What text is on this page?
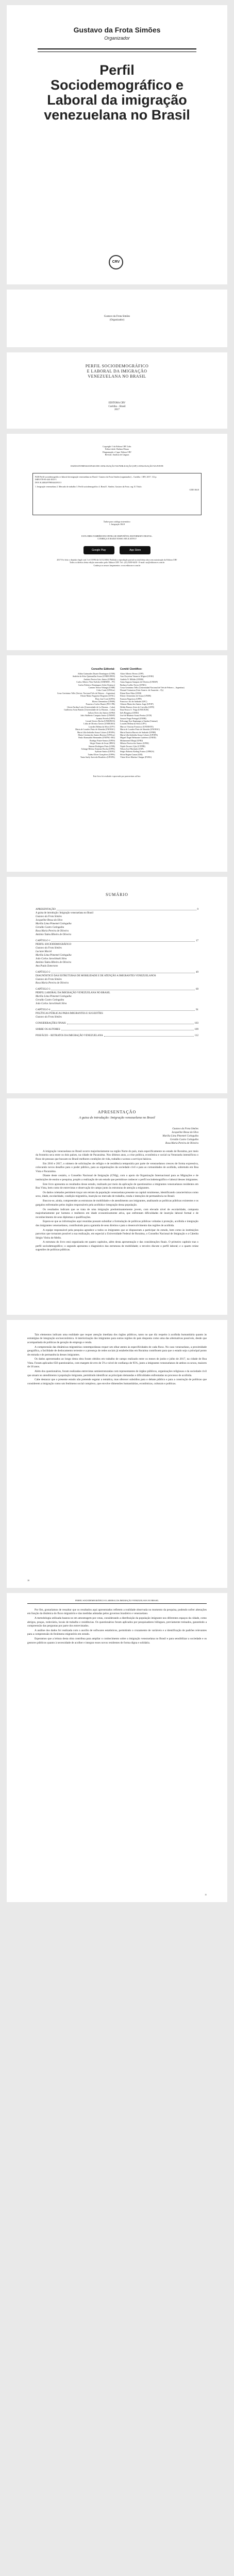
Gustavo da Frota Simões
Organizador
Perfil Sociodemográfico e Laboral da imigração venezuelana no Brasil
CRV
Gustavo da Frota Simões
(Organizador)
PERFIL SOCIODEMOGRÁFICO
E LABORAL DA IMIGRAÇÃO
VENEZUELANA NO BRASIL
EDITORA CRV
Curitiba – Brasil
2017
Copyright © da Editora CRV Ltda.
Editor-chefe: Railson Moura
Diagramação e Capa: Editora CRV
Revisão: Analista de Línguas
DADOS INTERNACIONAIS DE CATALOGAÇÃO NA PUBLICAÇÃO (CIP) CATALOGAÇÃO NA FONTE
P438 Perfil sociodemográfico e laboral da imigração venezuelana no Brasil / Gustavo da Frota Simões (organizador) – Curitiba : CRV, 2017. 112 p.
ISBN 978-85-444-1815-5
DOI 10.24824/978854441815.5
1. Imigração venezuelana 2. Mercado de trabalho 3. Perfil sociodemográfico 4. Brasil I. Simões, Gustavo da Frota. org. II. Título.
CDD 304.8
Índice para catálogo sistemático
1. Imigração 304.8
ESTA OBRA TAMBÉM ENCONTRA-SE DISPONÍVEL EM FORMATO DIGITAL.
CONHEÇA E BAIXE NOSSO APLICATIVO!
Google Play	App Store
2017 Foi feito o depósito legal conf. Lei 10.994 de 14/12/2004. Proibida a reprodução parcial ou total desta obra sem autorização da Editora CRV
Todos os direitos desta edição reservados pela: Editora CRV. Tel.: (41) 3039-6418 - E-mail: sac@editoracrv.com.br
Conheça os nossos lançamentos: www.editoracrv.com.br
Conselho Editorial:
Aldira Guimarães Duarte Domínguez (UNB)
Andréia da Silva Quintanilha Sousa (UNIR/UFRN)
Antônio Pereira Gaio Júnior (UFRRJ)
Carlos Alberto Vilar Estêvão (UMINHO – PT)
Carlos Federico Dominguez Avila (Unieuro)
Carmen Tereza Velanga (UNIR)
Celso Conti (UFSCar)
Cesar Gerónimo Tello (Univer. Nacional Três de Febrero – Argentina)
Elione Maria Nogueira Diogenes (UFAL)
Élsio José Corá (UFFS)
Elizeu Clementino (UNEB)
Francisco Carlos Duarte (PUC-PR)
Gloria Fariñas León (Universidade de La Havana – Cuba)
Guillermo Arias Beatón (Universidade de La Havana – Cuba)
Jailson Alves dos Santos (UFRJ)
João Adalberto Campato Junior (UNESP)
Josania Portela (UFPI)
Leonel Severo Rocha (UNISINOS)
Lídia de Oliveira Xavier (UNIEURO)
Lourdes Helena da Silva (UFV)
Maria de Lourdes Pinto de Almeida (UNOESC)
Maria Lília Imbiriba Sousa Colares (UFOPA)
Maria Cristina dos Santos Bezerra (UFSCar)
Paulo Romualdo Hernandes (UNIFAL-MG)
Rodrigo Pratte-Santos (UFES)
Sérgio Nunes de Jesus (IFRO)
Simone Rodrigues Pinto (UNB)
Solange Helena Ximenes-Rocha (UFPA)
Sydione Santos (UEPG)
Tadeu Oliver Gonçalves (UFPA)
Tania Suely Azevedo Brasileiro (UFOPA)
Comitê Científico:
Altair Alberto Fávero (UPF)
Ana Chrystina Venancio Mignot (UERJ)
Andréia N. Militão (UEMS)
Anna Augusta Sampaio de Oliveira (UNESP)
Barbara Coelho Neves (UFBA)
Cesar Gerónimo Tello (Universidad Nacional de Três de Febrero – Argentina)
Diosnel Centurion (Univ Americ. de Asunción – Py)
Eliane Rose Maio (UEM)
Elizeu Clementino de Souza (UNEB)
Fauston Negreiros (UFPI)
Francisco Ari de Andrade (UFC)
Gláucia Maria dos Santos Jorge (UFOP)
Helder Buenos Aires de Carvalho (UFPI)
Ilma Passos A. Veiga (UNICEUB)
Inês Bragança (UERJ)
José de Ribamar Sousa Pereira (UCB)
Jussara Fraga Portugal (UNEB)
Kilwangy Kya Kapitango-a-Samba (Unemat)
Lourdes Helena da Silva (UFV)
Marcos Vinicius Francisco (UNOESTE)
Maria de Lourdes Pinto de Almeida (UNOESC)
Maria Eurácia Barreto de Andrade (UFRB)
Maria Lília Imbiriba Sousa Colares (UFOPA)
Míguel Ángel Belmonte Gutiérrez (UNED)
Mohammed Elhajji (UFRJ)
Mônica Pereira dos Santos (UFRJ)
Najela Tavares Ujiie (UTFPR)
Nilson José Machado (USP)
Sérgio Roberto Kieling Franco (UFRGS)
Silvia Regina Canan (URI)
Vânia Alves Martins Chaigar (FURG)
Este livro foi avaliado e aprovado por pareceristas ad hoc.
SUMÁRIO
APRESENTAÇÃO	9
A guisa de introdução: Imigração venezuelana no Brasil
Gustavo da Frota Simões
Jacqueline Bessa da Silva
Marília Lima Pimentel Cotinguiba
Geraldo Castro Cotinguiba
Rosa Maria Pereira de Oliveira
Antônio Tadeu Ribeiro de Oliveira
CAPÍTULO 1	17
PERFIL SOCIODEMOGRÁFICO
Gustavo da Frota Simões
Luciane Maciel
Marília Lima Pimentel Cotinguiba
João Carlos Jarochinski Silva
Antônio Tadeu Ribeiro de Oliveira
Ana Paula Zamorano
CAPÍTULO 2	49
DIAGNÓSTICO DAS ESTRUTURAS DE MOBILIDADE E DE ATENÇÃO A IMIGRANTES VENEZUELANOS
Gustavo da Frota Simões
Rosa Maria Pereira de Oliveira
CAPÍTULO 3	69
PERFIL LABORAL DA IMIGRAÇÃO VENEZUELANA NO BRASIL
Marília Lima Pimentel Cotinguiba
Geraldo Castro Cotinguiba
João Carlos Jarochinski Silva
CAPÍTULO 4	91
POLÍTICAS PÚBLICAS PARA IMIGRANTES E SUGESTÕES
Gustavo da Frota Simões
CONSIDERAÇÕES FINAIS	103
SOBRE OS AUTORES	109
POSFÁCIO – RETRATOS DA IMIGRAÇÃO VENEZUELANA	112
APRESENTAÇÃO
A guisa de introdução: Imigração venezuelana no Brasil
Gustavo da Frota Simões
Jacqueline Bessa da Silva
Marília Lima Pimentel Cotinguiba
Geraldo Castro Cotinguiba
Rosa Maria Pereira de Oliveira

A imigração venezuelana no Brasil ocorre majoritariamente na região Norte do país, mais especificamente no estado de Roraima, por meio da fronteira seca entre os dois países, na cidade de Pacaraima. Nos últimos anos, a crise política, econômica e social na Venezuela intensificou o fluxo de pessoas que buscam no Brasil melhores condições de vida, trabalho e acesso a serviços básicos.

Em 2016 e 2017, o número de solicitações de refúgio e de residência temporária por parte de venezuelanos cresceu de forma expressiva, colocando novos desafios para o poder público, para as organizações da sociedade civil e para as comunidades de acolhida, sobretudo em Boa Vista e Pacaraima.

Diante deste cenário, o Conselho Nacional de Imigração (CNIg), com o apoio da Organização Internacional para as Migrações e de instituições de ensino e pesquisa, propôs a realização de um estudo que permitisse conhecer o perfil sociodemográfico e laboral desses imigrantes.

Este livro apresenta os resultados desse estudo, realizado por meio da aplicação de questionários a imigrantes venezuelanos residentes em Boa Vista, bem como de entrevistas e observação de campo junto às estruturas de atenção a migrantes.

Os dados coletados permitem traçar um retrato da população venezuelana presente na capital roraimense, identificando características como sexo, idade, escolaridade, condição migratória, inserção no mercado de trabalho, renda e intenções de permanência no Brasil.

Buscou-se, ainda, compreender as estruturas de mobilidade e de atendimento aos imigrantes, analisando as políticas públicas existentes e os gargalos enfrentados pelos órgãos responsáveis pela acolhida e integração dessa população.

Os resultados indicam que se trata de uma imigração predominantemente jovem, com elevado nível de escolaridade, composta majoritariamente por homens e mulheres em idade economicamente ativa, que enfrentam dificuldades de inserção laboral formal e de reconhecimento de seus diplomas e qualificações.

Espera-se que as informações aqui reunidas possam subsidiar a formulação de políticas públicas voltadas à proteção, acolhida e integração dos imigrantes venezuelanos, contribuindo para a garantia de seus direitos e para o desenvolvimento das regiões de acolhida.

A equipe responsável pela pesquisa agradece a todos os imigrantes que se dispuseram a participar do estudo, bem como às instituições parceiras que tornaram possível a sua realização, em especial a Universidade Federal de Roraima, o Conselho Nacional de Imigração e a Cátedra Sérgio Vieira de Mello.

A estrutura do livro está organizada em quatro capítulos, além desta apresentação e das considerações finais. O primeiro capítulo traz o perfil sociodemográfico; o segundo apresenta o diagnóstico das estruturas de mobilidade; o terceiro discute o perfil laboral; e o quarto reúne sugestões de políticas públicas.

Tais elementos indicam uma realidade que requer atenção imediata dos órgãos públicos, tanto no que diz respeito à acolhida humanitária quanto às estratégias de integração socioeconômica. A interiorização dos imigrantes para outras regiões do país desponta como uma das alternativas possíveis, desde que acompanhada de políticas de geração de emprego e renda.

A compreensão das dinâmicas migratórias contemporâneas requer um olhar atento às especificidades de cada fluxo. No caso venezuelano, a proximidade geográfica, a facilidade de deslocamento terrestre e a presença de redes sociais já estabelecidas em Roraima contribuem para que o estado seja o principal ponto de entrada e de permanência desses imigrantes.

Os dados apresentados ao longo desta obra foram obtidos em trabalho de campo realizado entre os meses de junho e julho de 2017, na cidade de Boa Vista. Foram aplicados 650 questionários, com margem de erro de 5% e nível de confiança de 95%, junto a imigrantes venezuelanos de ambos os sexos, maiores de 18 anos.

Além dos questionários, foram realizadas entrevistas semiestruturadas com representantes de órgãos públicos, organizações religiosas e da sociedade civil que atuam no atendimento à população imigrante, permitindo identificar as principais demandas e dificuldades enfrentadas no processo de acolhida.

Cabe destacar que o presente estudo não pretende esgotar a temática, mas oferecer subsídios para o debate público e para a construção de políticas que considerem a imigração como um fenômeno social complexo, que envolve dimensões humanitárias, econômicas, culturais e políticas.

10
PERFIL SOCIODEMOGRÁFICO E LABORAL DA IMIGRAÇÃO VENEZUELANA NO BRASIL

Por fim, gostaríamos de ressaltar que os resultados aqui apresentados refletem a realidade observada no momento da pesquisa, podendo sofrer alterações em função da dinâmica do fluxo migratório e das medidas adotadas pelos governos brasileiro e venezuelano.

A metodologia utilizada baseou-se em amostragem por cotas, considerando a distribuição da população imigrante nos diferentes espaços da cidade, como abrigos, praças, rodoviária, locais de trabalho e residências. Os questionários foram aplicados por pesquisadores bilíngues, previamente treinados, garantindo a compreensão das perguntas por parte dos entrevistados.

A análise dos dados foi realizada com o auxílio de softwares estatísticos, permitindo o cruzamento de variáveis e a identificação de padrões relevantes para a compreensão do fenômeno migratório em estudo.

Esperamos que a leitura desta obra contribua para ampliar o conhecimento sobre a imigração venezuelana no Brasil e para sensibilizar a sociedade e os gestores públicos quanto à necessidade de acolher e integrar esses novos residentes de forma digna e solidária.

11
